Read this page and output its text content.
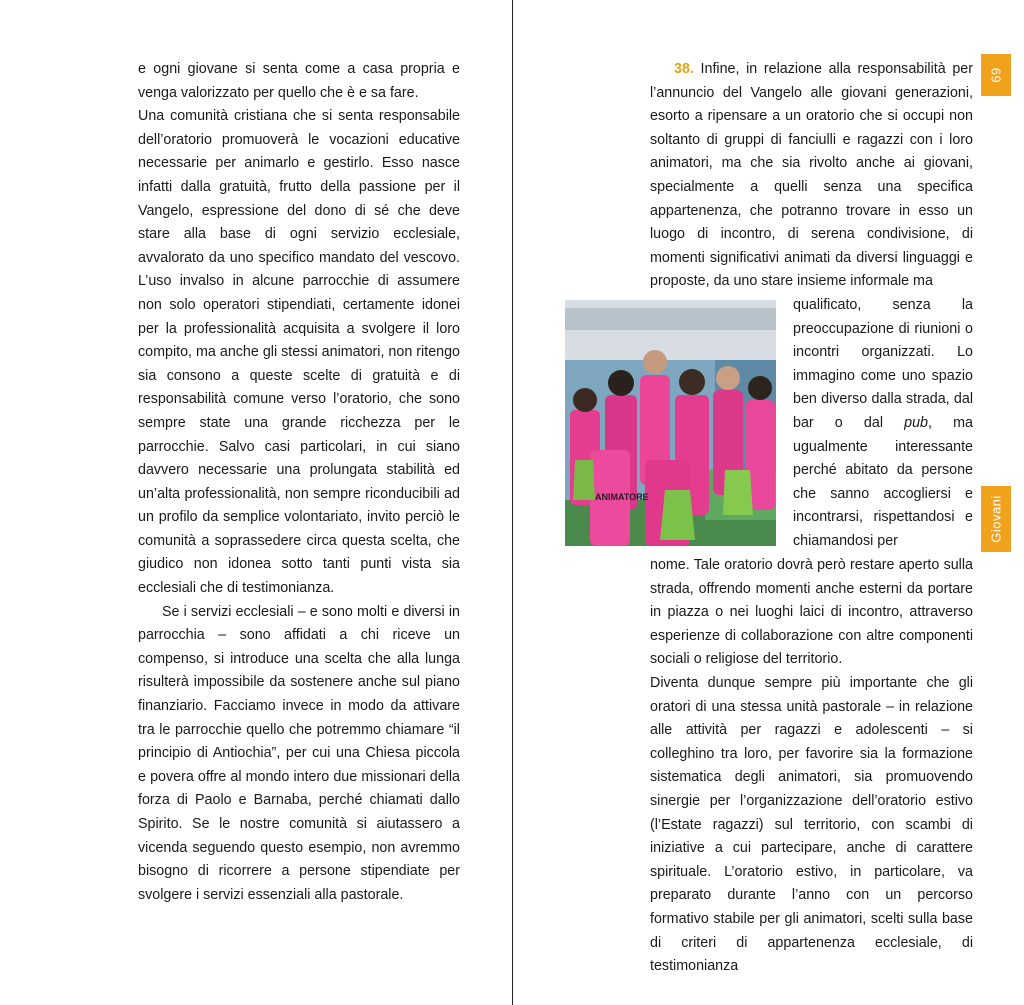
e ogni giovane si senta come a casa propria e venga valorizzato per quello che è e sa fare.

Una comunità cristiana che si senta responsabile dell’oratorio promuoverà le vocazioni educative necessarie per animarlo e gestirlo. Esso nasce infatti dalla gratuità, frutto della passione per il Vangelo, espressione del dono di sé che deve stare alla base di ogni servizio ecclesiale, avvalorato da uno specifico mandato del vescovo. L’uso invalso in alcune parrocchie di assumere non solo operatori stipendiati, certamente idonei per la professionalità acquisita a svolgere il loro compito, ma anche gli stessi animatori, non ritengo sia consono a queste scelte di gratuità e di responsabilità comune verso l’oratorio, che sono sempre state una grande ricchezza per le parrocchie. Salvo casi particolari, in cui siano davvero necessarie una prolungata stabilità ed un’alta professionalità, non sempre riconducibili ad un profilo da semplice volontariato, invito perciò le comunità a soprassedere circa questa scelta, che giudico non idonea sotto tanti punti vista sia ecclesiali che di testimonianza.

Se i servizi ecclesiali – e sono molti e diversi in parrocchia – sono affidati a chi riceve un compenso, si introduce una scelta che alla lunga risulterà impossibile da sostenere anche sul piano finanziario. Facciamo invece in modo da attivare tra le parrocchie quello che potremmo chiamare “il principio di Antiochia”, per cui una Chiesa piccola e povera offre al mondo intero due missionari della forza di Paolo e Barnaba, perché chiamati dallo Spirito. Se le nostre comunità si aiutassero a vicenda seguendo questo esempio, non avremmo bisogno di ricorrere a persone stipendiate per svolgere i servizi essenziali alla pastorale.

38. Infine, in relazione alla responsabilità per l’annuncio del Vangelo alle giovani generazioni, esorto a ripensare a un oratorio che si occupi non soltanto di gruppi di fanciulli e ragazzi con i loro animatori, ma che sia rivolto anche ai giovani, specialmente a quelli senza una specifica appartenenza, che potranno trovare in esso un luogo di incontro, di serena condivisione, di momenti significativi animati da diversi linguaggi e proposte, da uno stare insieme informale ma

ANIMATORE

qualificato, senza la preoccupazione di riunioni o incontri organizzati. Lo immagino come uno spazio ben diverso dalla strada, dal bar o dal pub, ma ugualmente interessante perché abitato da persone che sanno accogliersi e incontrarsi, rispettandosi e chiamandosi per

nome. Tale oratorio dovrà però restare aperto sulla strada, offrendo momenti anche esterni da portare in piazza o nei luoghi laici di incontro, attraverso esperienze di collaborazione con altre componenti sociali o religiose del territorio.

Diventa dunque sempre più importante che gli oratori di una stessa unità pastorale – in relazione alle attività per ragazzi e adolescenti – si colleghino tra loro, per favorire sia la formazione sistematica degli animatori, sia promuovendo sinergie per l’organizzazione dell’oratorio estivo (l’Estate ragazzi) sul territorio, con scambi di iniziative a cui partecipare, anche di carattere spirituale. L’oratorio estivo, in particolare, va preparato durante l’anno con un percorso formativo stabile per gli animatori, scelti sulla base di criteri di appartenenza ecclesiale, di testimonianza

69
Giovani
